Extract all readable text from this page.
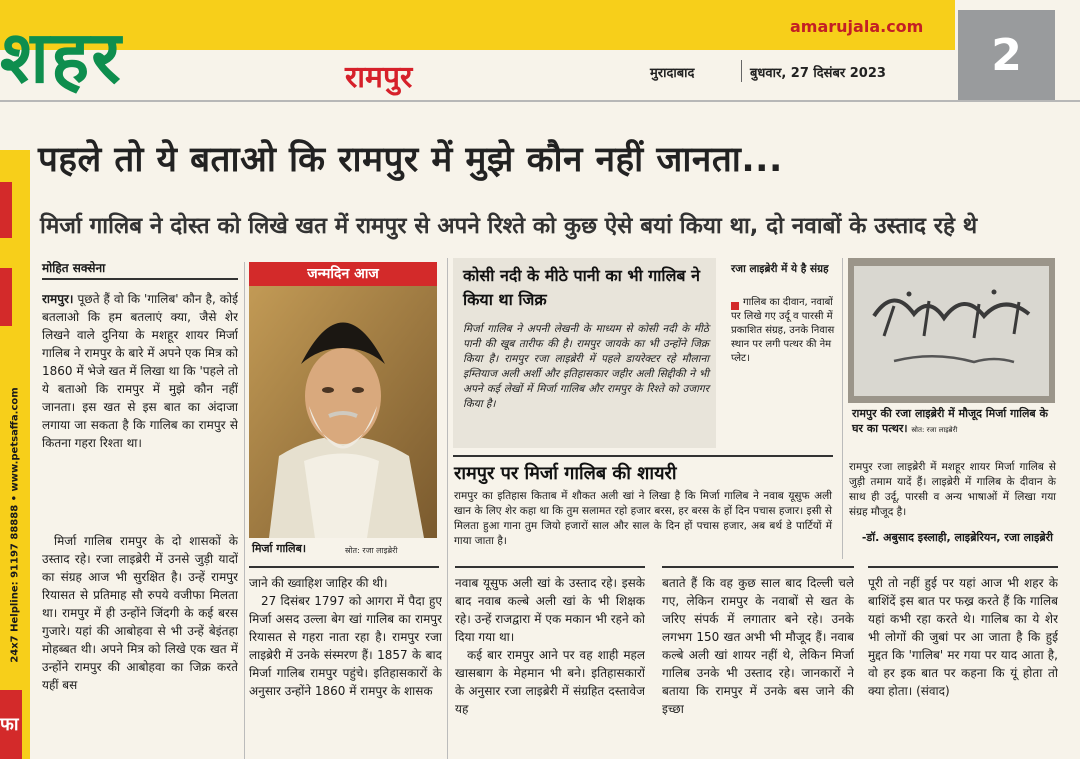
शहर	रामपुर
amarujala.com
मुरादाबाद	बुधवार, 27 दिसंबर 2023	2
24x7 Helpline: 91197 88888 • www.petsaffa.com
फा
पहले तो ये बताओ कि रामपुर में मुझे कौन नहीं जानता...
मिर्जा गालिब ने दोस्त को लिखे खत में रामपुर से अपने रिश्ते को कुछ ऐसे बयां किया था, दो नवाबों के उस्ताद रहे थे
मोहित सक्सेना
रामपुर। पूछते हैं वो कि 'गालिब' कौन है, कोई बतलाओ कि हम बतलाएं क्या, जैसे शेर लिखने वाले दुनिया के मशहूर शायर मिर्जा गालिब ने रामपुर के बारे में अपने एक मित्र को 1860 में भेजे खत में लिखा था कि 'पहले तो ये बताओ कि रामपुर में मुझे कौन नहीं जानता। इस खत से इस बात का अंदाजा लगाया जा सकता है कि गालिब का रामपुर से कितना गहरा रिश्ता था।
मिर्जा गालिब रामपुर के दो शासकों के उस्ताद रहे। रजा लाइब्रेरी में उनसे जुड़ी यादों का संग्रह आज भी सुरक्षित है। उन्हें रामपुर रियासत से प्रतिमाह सौ रुपये वजीफा मिलता था। रामपुर में ही उन्होंने जिंदगी के कई बरस गुजारे। यहां की आबोहवा से भी उन्हें बेइंतहा मोहब्बत थी। अपने मित्र को लिखे एक खत में उन्होंने रामपुर की आबोहवा का जिक्र करते यहीं बस
जन्मदिन आज
मिर्जा गालिब।	स्रोत: रजा लाइब्रेरी
कोसी नदी के मीठे पानी का भी गालिब ने किया था जिक्र
मिर्जा गालिब ने अपनी लेखनी के माध्यम से कोसी नदी के मीठे पानी की खूब तारीफ की है। रामपुर जायके का भी उन्होंने जिक्र किया है। रामपुर रजा लाइब्रेरी में पहले डायरेक्टर रहे मौलाना इम्तियाज अली अर्शी और इतिहासकार जहीर अली सिद्दीकी ने भी अपने कई लेखों में मिर्जा गालिब और रामपुर के रिश्ते को उजागर किया है।
रजा लाइब्रेरी में ये है संग्रह
गालिब का दीवान, नवाबों पर लिखे गए उर्दू व पारसी में प्रकाशित संग्रह, उनके निवास स्थान पर लगी पत्थर की नेम प्लेट।
रामपुर की रजा लाइब्रेरी में मौजूद मिर्जा गालिब के घर का पत्थर। स्रोत: रजा लाइब्रेरी
रामपुर पर मिर्जा गालिब की शायरी
रामपुर का इतिहास किताब में शौकत अली खां ने लिखा है कि मिर्जा गालिब ने नवाब यूसुफ अली खान के लिए शेर कहा था कि तुम सलामत रहो हजार बरस, हर बरस के हों दिन पचास हजार। इसी से मिलता हुआ गाना तुम जियो हजारों साल और साल के दिन हों पचास हजार, अब बर्थ डे पार्टियों में गाया जाता है।
रामपुर रजा लाइब्रेरी में मशहूर शायर मिर्जा गालिब से जुड़ी तमाम यादें हैं। लाइब्रेरी में गालिब के दीवान के साथ ही उर्दू, पारसी व अन्य भाषाओं में लिखा गया संग्रह मौजूद है।
-डॉ. अबुसाद इस्लाही, लाइब्रेरियन, रजा लाइब्रेरी
जाने की ख्वाहिश जाहिर की थी।
27 दिसंबर 1797 को आगरा में पैदा हुए मिर्जा असद उल्ला बेग खां गालिब का रामपुर रियासत से गहरा नाता रहा है। रामपुर रजा लाइब्रेरी में उनके संस्मरण हैं। 1857 के बाद मिर्जा गालिब रामपुर पहुंचे। इतिहासकारों के अनुसार उन्होंने 1860 में रामपुर के शासक
नवाब यूसुफ अली खां के उस्ताद रहे। इसके बाद नवाब कल्बे अली खां के भी शिक्षक रहे। उन्हें राजद्वारा में एक मकान भी रहने को दिया गया था।
कई बार रामपुर आने पर वह शाही महल खासबाग के मेहमान भी बने। इतिहासकारों के अनुसार रजा लाइब्रेरी में संग्रहित दस्तावेज यह
बताते हैं कि वह कुछ साल बाद दिल्ली चले गए, लेकिन रामपुर के नवाबों से खत के जरिए संपर्क में लगातार बने रहे। उनके लगभग 150 खत अभी भी मौजूद हैं। नवाब कल्बे अली खां शायर नहीं थे, लेकिन मिर्जा गालिब उनके भी उस्ताद रहे। जानकारों ने बताया कि रामपुर में उनके बस जाने की इच्छा
पूरी तो नहीं हुई पर यहां आज भी शहर के बाशिंदें इस बात पर फख्र करते हैं कि गालिब यहां कभी रहा करते थे। गालिब का ये शेर भी लोगों की जुबां पर आ जाता है कि हुई मुद्दत कि 'गालिब' मर गया पर याद आता है, वो हर इक बात पर कहना कि यूं होता तो क्या होता। (संवाद)
